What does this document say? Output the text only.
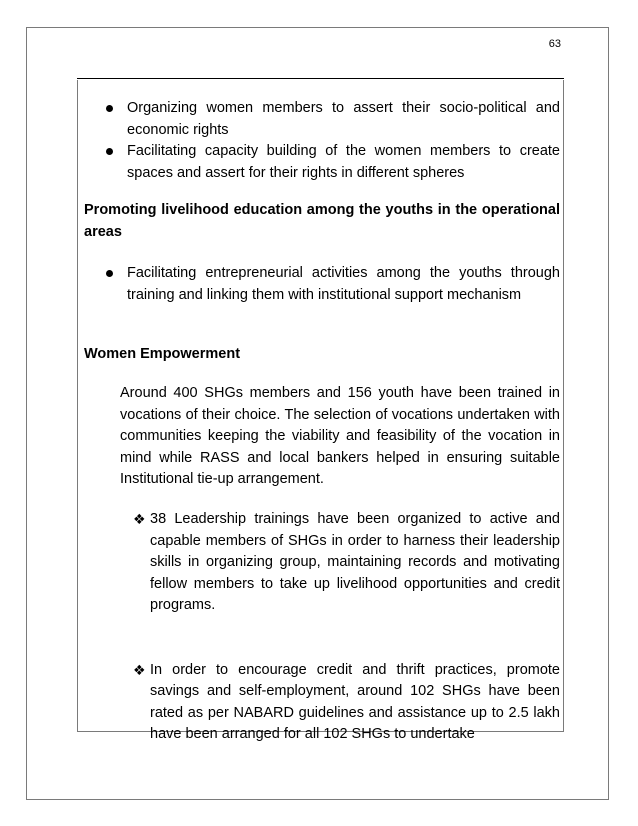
63
Organizing women members to assert their socio-political and economic rights
Facilitating capacity building of the women members to create spaces and assert for their rights in different spheres
Promoting livelihood education among the youths in the operational areas
Facilitating entrepreneurial activities among the youths through training and linking them with institutional support mechanism
Women Empowerment
Around 400 SHGs members and 156 youth have been trained in vocations of their choice. The selection of vocations undertaken with communities keeping the viability and feasibility of the vocation in mind while RASS and local bankers helped in ensuring suitable Institutional tie-up arrangement.
❖ 38 Leadership trainings have been organized to active and capable members of SHGs in order to harness their leadership skills in organizing group, maintaining records and motivating fellow members to take up livelihood opportunities and credit programs.
❖ In order to encourage credit and thrift practices, promote savings and self-employment, around 102 SHGs have been rated as per NABARD guidelines and assistance up to 2.5 lakh have been arranged for all 102 SHGs to undertake
